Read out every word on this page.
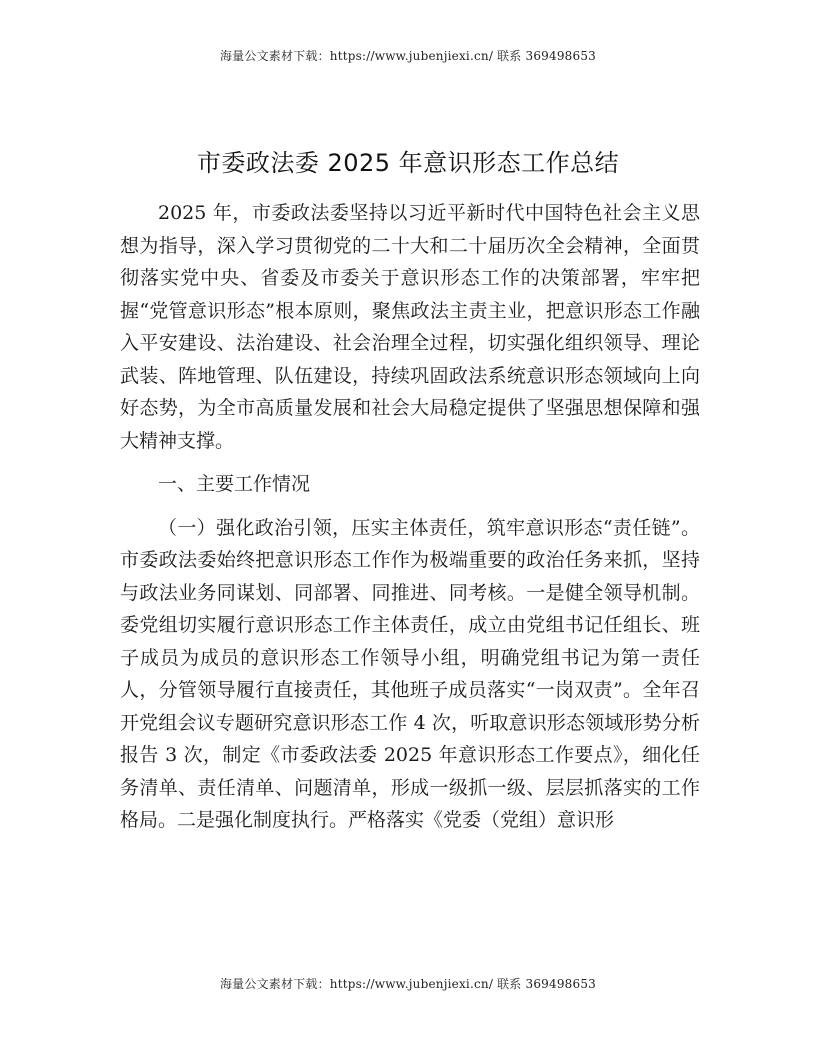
海量公文素材下载：https://www.jubenjiexi.cn/ 联系 369498653
市委政法委 2025 年意识形态工作总结

2025 年，市委政法委坚持以习近平新时代中国特色社会主义思想为指导，深入学习贯彻党的二十大和二十届历次全会精神，全面贯彻落实党中央、省委及市委关于意识形态工作的决策部署，牢牢把握“党管意识形态”根本原则，聚焦政法主责主业，把意识形态工作融入平安建设、法治建设、社会治理全过程，切实强化组织领导、理论武装、阵地管理、队伍建设，持续巩固政法系统意识形态领域向上向好态势，为全市高质量发展和社会大局稳定提供了坚强思想保障和强大精神支撑。

一、主要工作情况

（一）强化政治引领，压实主体责任，筑牢意识形态“责任链”。市委政法委始终把意识形态工作作为极端重要的政治任务来抓，坚持与政法业务同谋划、同部署、同推进、同考核。一是健全领导机制。委党组切实履行意识形态工作主体责任，成立由党组书记任组长、班子成员为成员的意识形态工作领导小组，明确党组书记为第一责任人，分管领导履行直接责任，其他班子成员落实“一岗双责”。全年召开党组会议专题研究意识形态工作 4 次，听取意识形态领域形势分析报告 3 次，制定《市委政法委 2025 年意识形态工作要点》，细化任务清单、责任清单、问题清单，形成一级抓一级、层层抓落实的工作格局。二是强化制度执行。严格落实《党委（党组）意识形

海量公文素材下载：https://www.jubenjiexi.cn/ 联系 369498653
